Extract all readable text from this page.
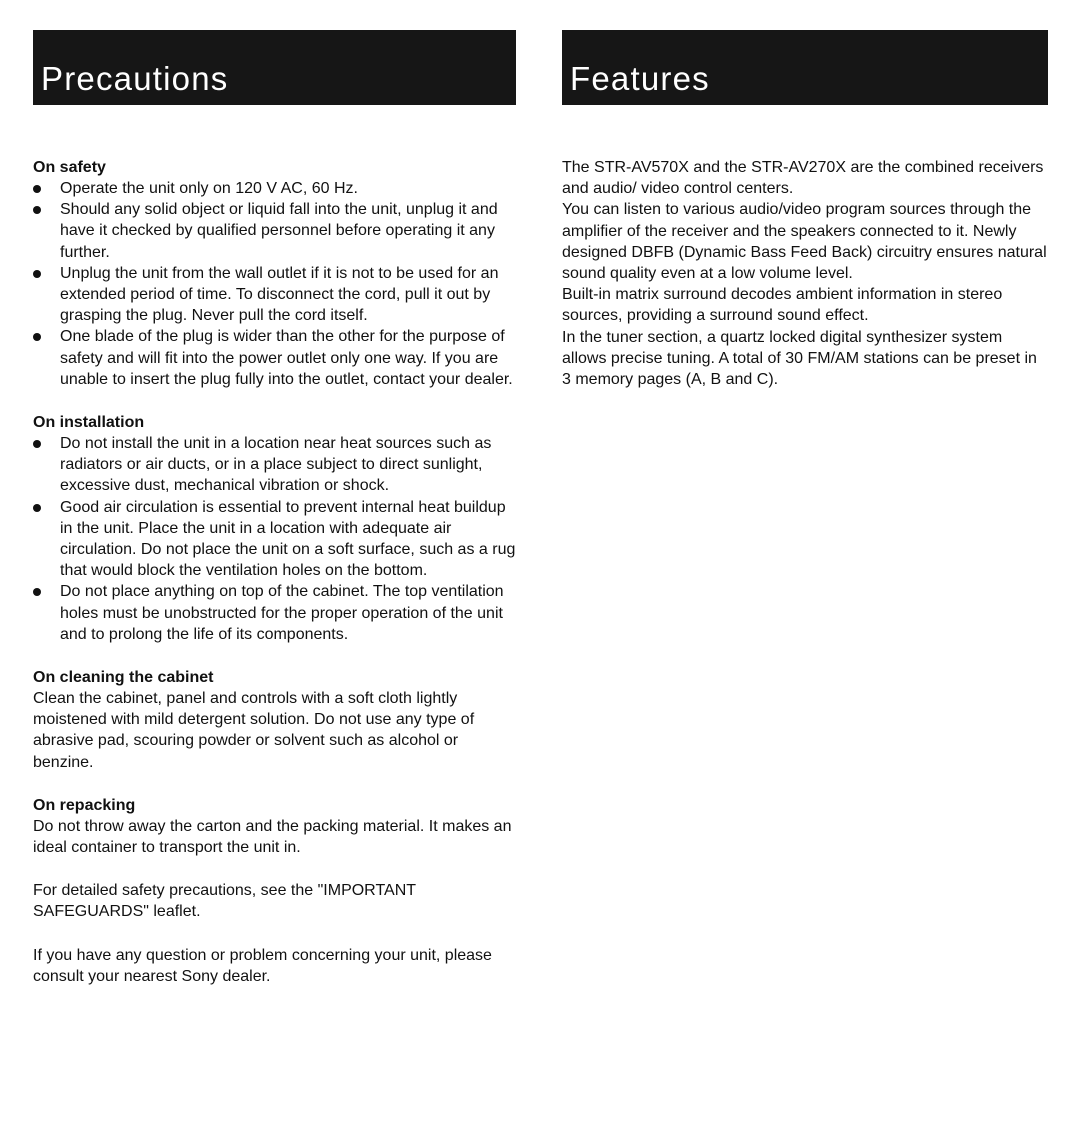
Precautions
On safety
Operate the unit only on 120 V AC, 60 Hz.
Should any solid object or liquid fall into the unit, unplug it and have it checked by qualified personnel before operating it any further.
Unplug the unit from the wall outlet if it is not to be used for an extended period of time. To disconnect the cord, pull it out by grasping the plug. Never pull the cord itself.
One blade of the plug is wider than the other for the purpose of safety and will fit into the power outlet only one way. If you are unable to insert the plug fully into the outlet, contact your dealer.
On installation
Do not install the unit in a location near heat sources such as radiators or air ducts, or in a place subject to direct sunlight, excessive dust, mechanical vibration or shock.
Good air circulation is essential to prevent internal heat buildup in the unit. Place the unit in a location with adequate air circulation. Do not place the unit on a soft surface, such as a rug that would block the ventilation holes on the bottom.
Do not place anything on top of the cabinet. The top ventilation holes must be unobstructed for the proper operation of the unit and to prolong the life of its components.
On cleaning the cabinet

Clean the cabinet, panel and controls with a soft cloth lightly moistened with mild detergent solution. Do not use any type of abrasive pad, scouring powder or solvent such as alcohol or benzine.

On repacking

Do not throw away the carton and the packing material. It makes an ideal container to transport the unit in.

For detailed safety precautions, see the "IMPORTANT SAFEGUARDS" leaflet.

If you have any question or problem concerning your unit, please consult your nearest Sony dealer.

Features

The STR-AV570X and the STR-AV270X are the combined receivers and audio/ video control centers.

You can listen to various audio/video program sources through the amplifier of the receiver and the speakers connected to it. Newly designed DBFB (Dynamic Bass Feed Back) circuitry ensures natural sound quality even at a low volume level.

Built-in matrix surround decodes ambient information in stereo sources, providing a surround sound effect.

In the tuner section, a quartz locked digital synthesizer system allows precise tuning. A total of 30 FM/AM stations can be preset in 3 memory pages (A, B and C).
